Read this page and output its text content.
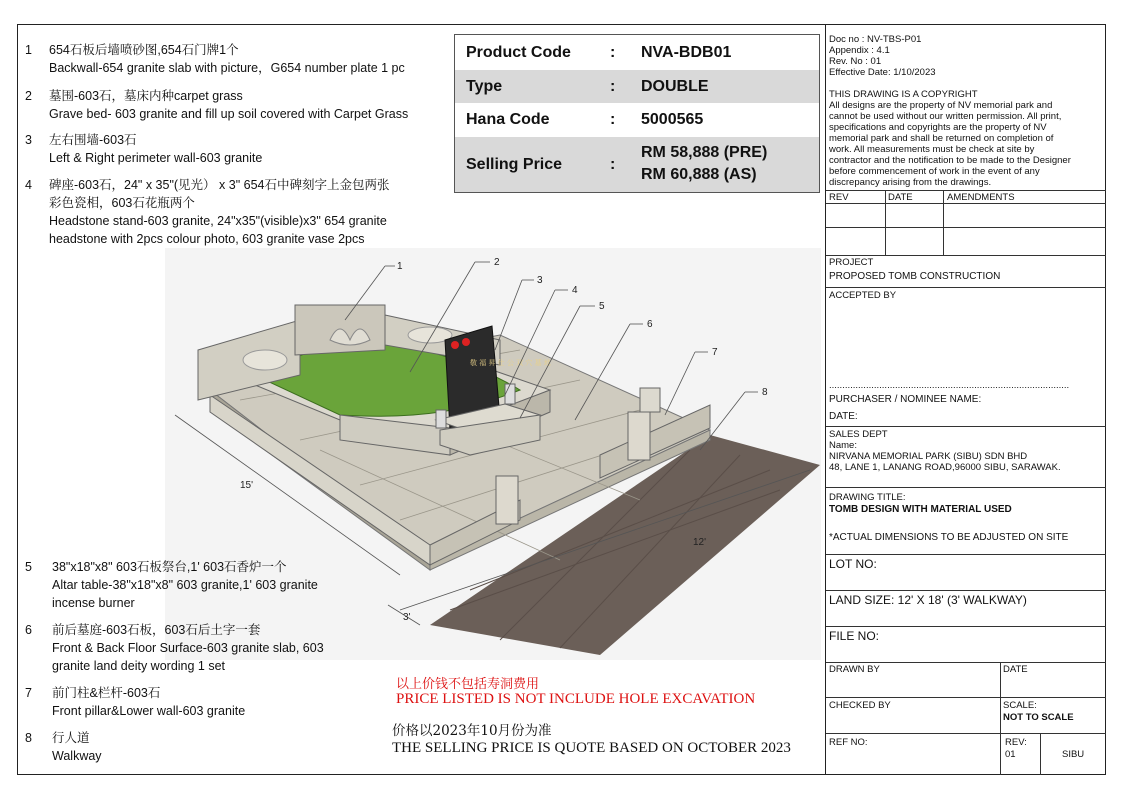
1	654石板后墙喷砂图,654石门牌1个
Backwall-654 granite slab with picture，G654 number plate 1 pc
2	墓围-603石，墓床内种carpet grass
Grave bed- 603 granite and fill up soil covered with Carpet Grass
3	左右围墙-603石
Left & Right perimeter wall-603 granite
4	碑座-603石，24" x 35"(见光） x 3" 654石中碑刻字上金包两张
彩色瓷相，603石花瓶两个
Headstone stand-603 granite, 24"x35"(visible)x3" 654 granite
headstone with 2pcs colour photo, 603 granite vase 2pcs
Product Code : NVA-BDB01
Type	: DOUBLE
Hana Code	: 5000565
Selling Price	:
RM 58,888 (PRE)
RM 60,888 (AS)
敬 福 昇 仕 公 双 穴 墓 地
1	2
3
4
5
6
7
8
15'
12'
3'
5	38"x18"x8" 603石板祭台,1' 603石香炉一个
Altar table-38"x18"x8" 603 granite,1' 603 granite
incense burner
6	前后墓庭-603石板，603石后土字一套
Front & Back Floor Surface-603 granite slab, 603
granite land deity wording 1 set
7	前门柱&栏杆-603石
Front pillar&Lower wall-603 granite
8	行人道
Walkway
以上价钱不包括寿洞费用
PRICE LISTED IS NOT INCLUDE HOLE EXCAVATION
价格以2023年10月份为准
THE SELLING PRICE IS QUOTE BASED ON OCTOBER 2023
Doc no : NV-TBS-P01
Appendix : 4.1
Rev. No : 01
Effective Date: 1/10/2023
THIS DRAWING IS A COPYRIGHT
All designs are the property of NV memorial park and
cannot be used without our written permission. All print,
specifications and copyrights are the property of NV
memorial park and shall be returned on completion of
work. All measurements must be check at site by
contractor and the notification to be made to the Designer
before commencement of work in the event of any
discrepancy arising from the drawings.
REV	DATE	AMENDMENTS
PROJECT
PROPOSED TOMB CONSTRUCTION
ACCEPTED BY
...........................................................................................
PURCHASER / NOMINEE NAME:
DATE:
SALES DEPT
Name:
NIRVANA MEMORIAL PARK (SIBU) SDN BHD
48, LANE 1, LANANG ROAD,96000 SIBU, SARAWAK.
DRAWING TITLE:
TOMB DESIGN WITH MATERIAL USED
*ACTUAL DIMENSIONS TO BE ADJUSTED ON SITE
LOT NO:
LAND SIZE: 12' X 18' (3' WALKWAY)
FILE NO:
DRAWN BY	DATE
CHECKED BY	SCALE:
NOT TO SCALE
REF NO:	REV:
01	SIBU
